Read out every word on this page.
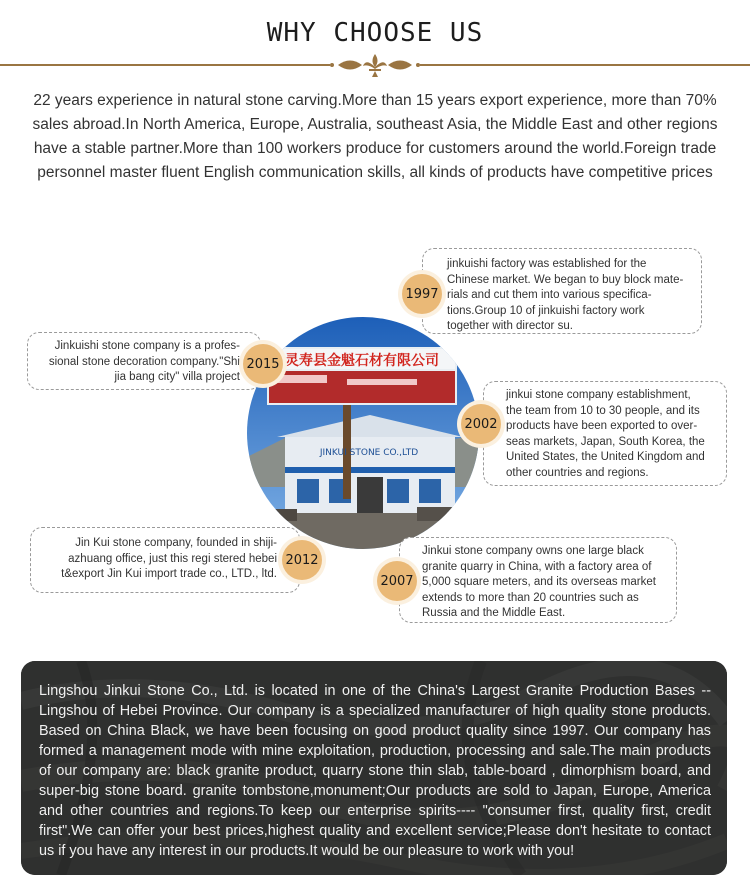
WHY CHOOSE US
22 years experience in natural stone carving.More than 15 years export experience, more than 70% sales abroad.In North America, Europe, Australia, southeast Asia, the Middle East and other regions have a stable partner.More than 100 workers produce for customers around the world.Foreign trade personnel master fluent English communication skills, all kinds of products have competitive prices
灵寿县金魁石材有限公司
JINKUI STONE CO.,LTD
jinkuishi factory was established for the
Chinese market. We began to buy block mate-
rials and cut them into various specifica-
tions.Group 10 of jinkuishi factory work
together with director su.
1997
Jinkuishi stone company is a profes-
sional stone decoration company."Shi
jia bang city" villa project
2015
jinkui stone company establishment,
the team from 10 to 30 people, and its
products have been exported to over-
seas markets, Japan, South Korea, the
United States, the United Kingdom and
other countries and regions.
2002
Jin Kui stone company, founded in shiji-
azhuang office, just this regi stered hebei
t&export Jin Kui import trade co., LTD., ltd.
2012
Jinkui stone company owns one large black
granite quarry in China, with a factory area of
5,000 square meters, and its overseas market
extends to more than 20 countries such as
Russia and the Middle East.
2007
Lingshou Jinkui Stone Co., Ltd. is located in one of the China's Largest Granite Production Bases -- Lingshou of Hebei Province. Our company is a specialized manufacturer of high quality stone products. Based on China Black, we have been focusing on good product quality since 1997. Our company has formed a management mode with mine exploitation, production, processing and sale.The main products of our company are: black granite product, quarry stone thin slab, table-board , dimorphism board, and super-big stone board. granite tombstone,monument;Our products are sold to Japan, Europe, America and other countries and regions.To keep our enterprise spirits---- "consumer first, quality first, credit first".We can offer your best prices,highest quality and excellent service;Please don't hesitate to contact us if you have any interest in our products.It would be our pleasure to work with you!
